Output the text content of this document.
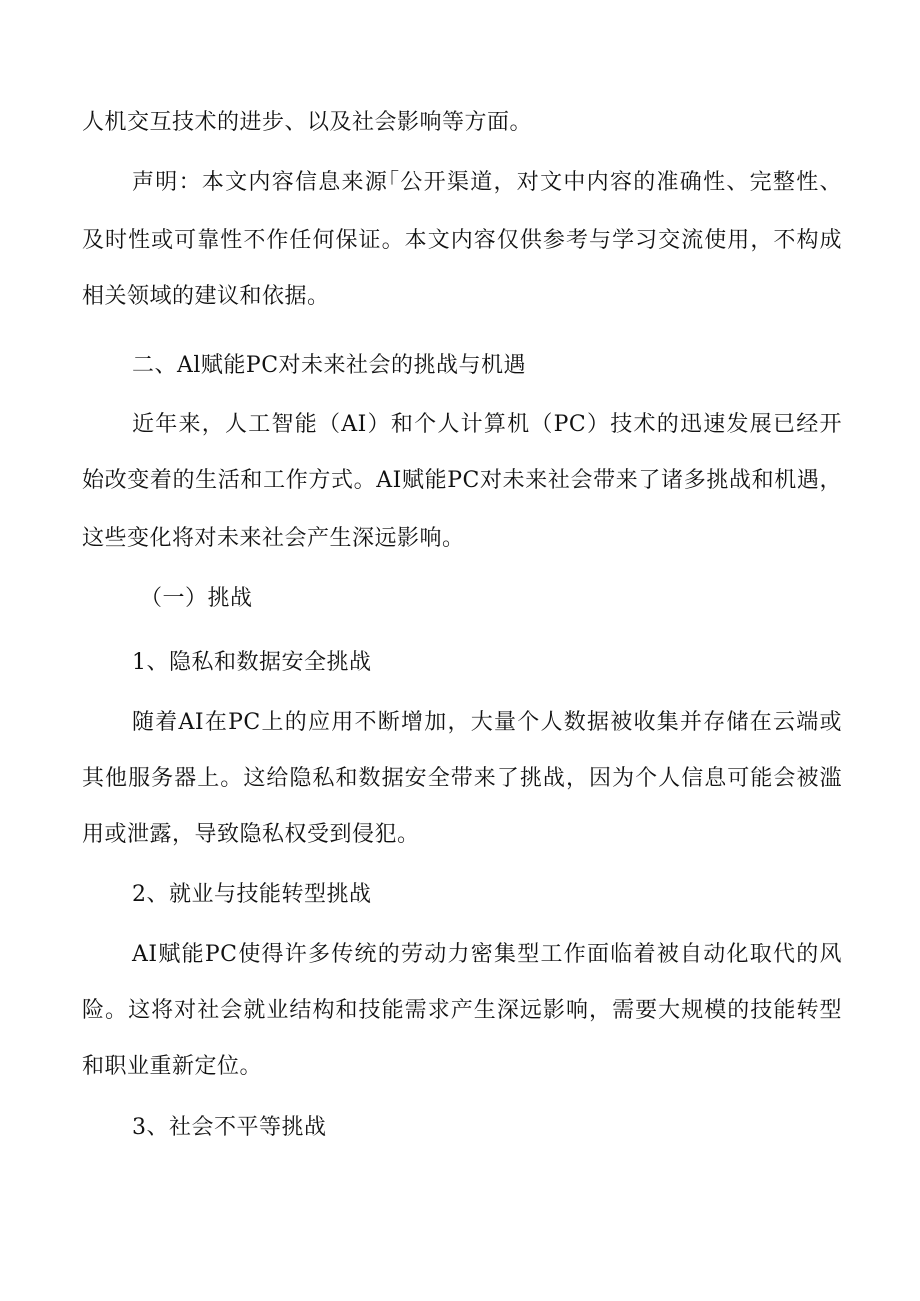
人机交互技术的进步、以及社会影响等方面。
声明：本文内容信息来源｢公开渠道，对文中内容的准确性、完整性、
及时性或可靠性不作任何保证。本文内容仅供参考与学习交流使用，不构成
相关领域的建议和依据。
二、Al赋能PC对未来社会的挑战与机遇
近年来，人工智能（AI）和个人计算机（PC）技术的迅速发展已经开
始改变着的生活和工作方式。AI赋能PC对未来社会带来了诸多挑战和机遇，
这些变化将对未来社会产生深远影响。
（一）挑战
1、隐私和数据安全挑战
随着AI在PC上的应用不断增加，大量个人数据被收集并存储在云端或
其他服务器上。这给隐私和数据安全带来了挑战，因为个人信息可能会被滥
用或泄露，导致隐私权受到侵犯。
2、就业与技能转型挑战
AI赋能PC使得许多传统的劳动力密集型工作面临着被自动化取代的风
险。这将对社会就业结构和技能需求产生深远影响，需要大规模的技能转型
和职业重新定位。
3、社会不平等挑战
